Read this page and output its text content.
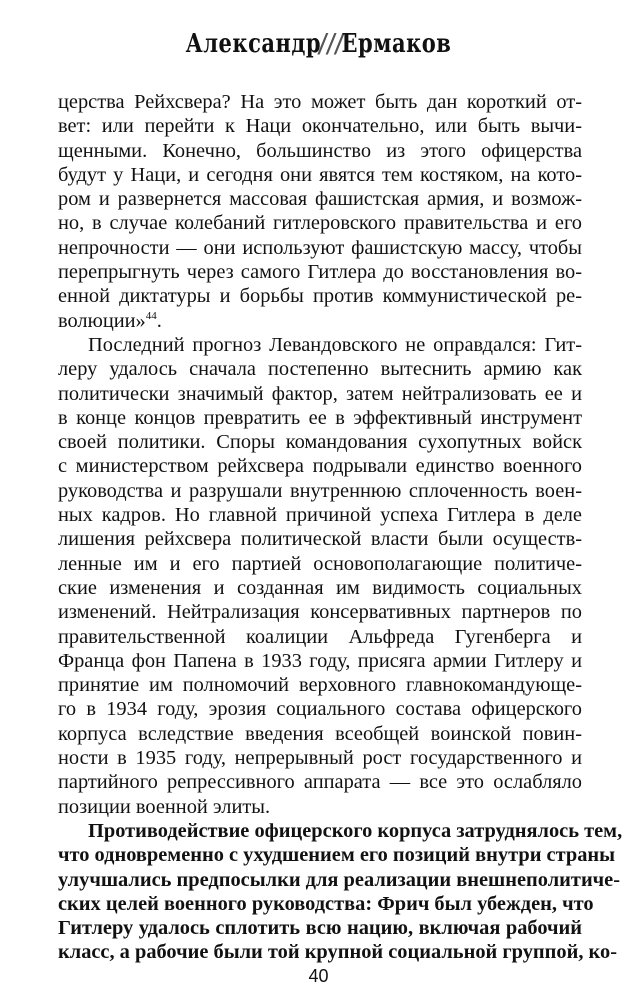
Александр///Ермаков
церства Рейхсвера? На это может быть дан короткий от-
вет: или перейти к Наци окончательно, или быть вычи-
щенными. Конечно, большинство из этого офицерства
будут у Наци, и сегодня они явятся тем костяком, на кото-
ром и развернется массовая фашистская армия, и возмож-
но, в случае колебаний гитлеровского правительства и его
непрочности — они используют фашистскую массу, чтобы
перепрыгнуть через самого Гитлера до восстановления во-
енной диктатуры и борьбы против коммунистической ре-
волюции»$^{44}$.
Последний прогноз Левандовского не оправдался: Гит-
леру удалось сначала постепенно вытеснить армию как
политически значимый фактор, затем нейтрализовать ее и
в конце концов превратить ее в эффективный инструмент
своей политики. Споры командования сухопутных войск
с министерством рейхсвера подрывали единство военного
руководства и разрушали внутреннюю сплоченность воен-
ных кадров. Но главной причиной успеха Гитлера в деле
лишения рейхсвера политической власти были осуществ-
ленные им и его партией основополагающие политиче-
ские изменения и созданная им видимость социальных
изменений. Нейтрализация консервативных партнеров по
правительственной коалиции Альфреда Гугенберга и
Франца фон Папена в 1933 году, присяга армии Гитлеру и
принятие им полномочий верховного главнокомандующе-
го в 1934 году, эрозия социального состава офицерского
корпуса вследствие введения всеобщей воинской повин-
ности в 1935 году, непрерывный рост государственного и
партийного репрессивного аппарата — все это ослабляло
позиции военной элиты.
Противодействие офицерского корпуса затруднялось тем,
что одновременно с ухудшением его позиций внутри страны
улучшались предпосылки для реализации внешнеполитиче-
ских целей военного руководства: Фрич был убежден, что
Гитлеру удалось сплотить всю нацию, включая рабочий
класс, а рабочие были той крупной социальной группой, ко-
40
